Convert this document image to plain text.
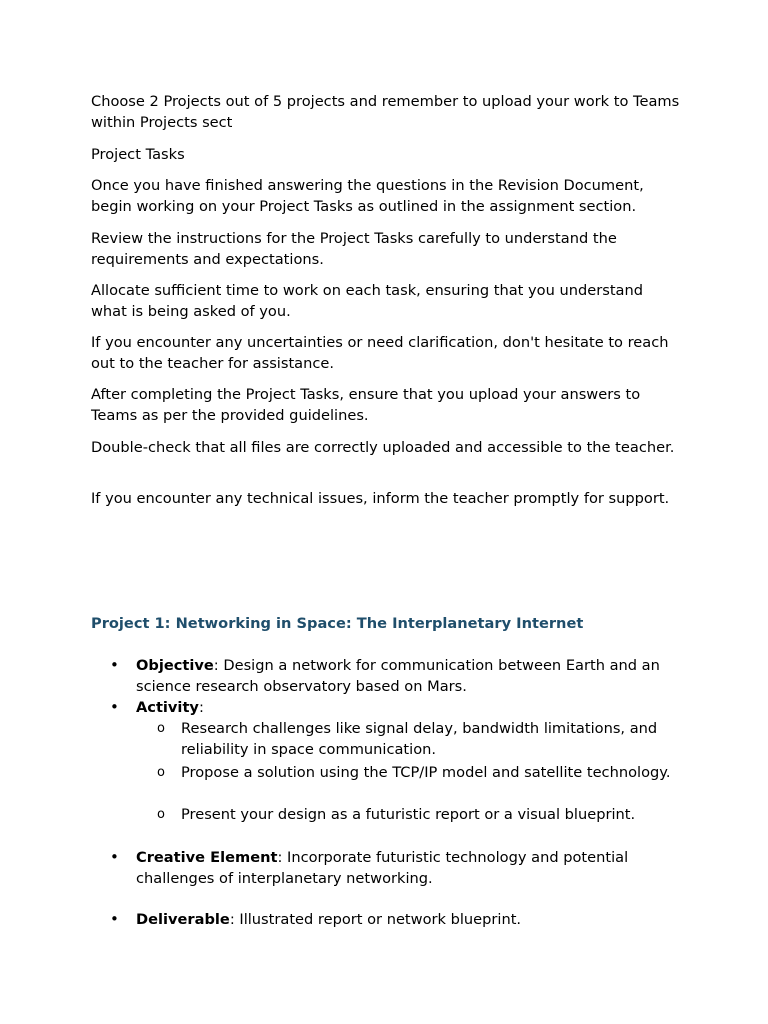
Choose 2 Projects out of 5 projects and remember to upload your work to Teams within Projects sect

Project Tasks

Once you have finished answering the questions in the Revision Document, begin working on your Project Tasks as outlined in the assignment section.

Review the instructions for the Project Tasks carefully to understand the requirements and expectations.

Allocate sufficient time to work on each task, ensuring that you understand what is being asked of you.

If you encounter any uncertainties or need clarification, don't hesitate to reach out to the teacher for assistance.

After completing the Project Tasks, ensure that you upload your answers to Teams as per the provided guidelines.

Double-check that all files are correctly uploaded and accessible to the teacher.

If you encounter any technical issues, inform the teacher promptly for support.

Project 1: Networking in Space: The Interplanetary Internet
• Objective: Design a network for communication between Earth and an science research observatory based on Mars.

• Activity:

o Research challenges like signal delay, bandwidth limitations, and reliability in space communication.

o Propose a solution using the TCP/IP model and satellite technology.

o Present your design as a futuristic report or a visual blueprint.

• Creative Element: Incorporate futuristic technology and potential challenges of interplanetary networking.

• Deliverable: Illustrated report or network blueprint.
